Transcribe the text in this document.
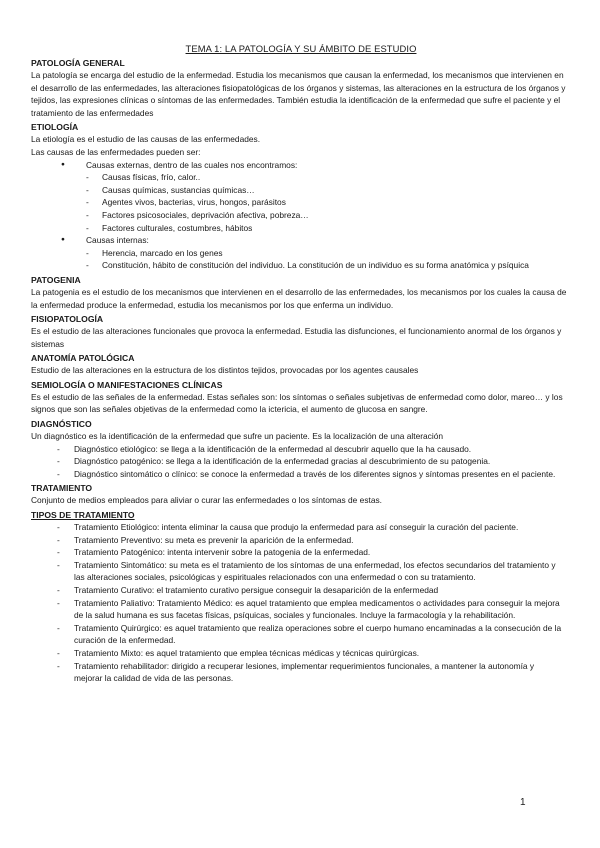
TEMA 1: LA PATOLOGÍA Y SU ÁMBITO DE ESTUDIO
PATOLOGÍA GENERAL

La patología se encarga del estudio de la enfermedad. Estudia los mecanismos que causan la enfermedad, los mecanismos que intervienen en el desarrollo de las enfermedades, las alteraciones fisiopatológicas de los órganos y sistemas, las alteraciones en la estructura de los órganos y tejidos, las expresiones clínicas o síntomas de las enfermedades. También estudia la identificación de la enfermedad que sufre el paciente y el tratamiento de las enfermedades

ETIOLOGÍA

La etiología es el estudio de las causas de las enfermedades.

Las causas de las enfermedades pueden ser:

● Causas externas, dentro de las cuales nos encontramos:
- Causas físicas, frío, calor..
- Causas químicas, sustancias químicas…
- Agentes vivos, bacterias, virus, hongos, parásitos
- Factores psicosociales, deprivación afectiva, pobreza…
- Factores culturales, costumbres, hábitos
● Causas internas:
- Herencia, marcado en los genes
- Constitución, hábito de constitución del individuo. La constitución de un individuo es su forma anatómica y psíquica
PATOGENIA

La patogenia es el estudio de los mecanismos que intervienen en el desarrollo de las enfermedades, los mecanismos por los cuales la causa de la enfermedad produce la enfermedad, estudia los mecanismos por los que enferma un individuo.

FISIOPATOLOGÍA

Es el estudio de las alteraciones funcionales que provoca la enfermedad. Estudia las disfunciones, el funcionamiento anormal de los órganos y sistemas

ANATOMÍA PATOLÓGICA

Estudio de las alteraciones en la estructura de los distintos tejidos, provocadas por los agentes causales

SEMIOLOGÍA O MANIFESTACIONES CLÍNICAS

Es el estudio de las señales de la enfermedad. Estas señales son: los síntomas o señales subjetivas de enfermedad como dolor, mareo… y los signos que son las señales objetivas de la enfermedad como la ictericia, el aumento de glucosa en sangre.

DIAGNÓSTICO

Un diagnóstico es la identificación de la enfermedad que sufre un paciente. Es la localización de una alteración

- Diagnóstico etiológico: se llega a la identificación de la enfermedad al descubrir aquello que la ha causado.
- Diagnóstico patogénico: se llega a la identificación de la enfermedad gracias al descubrimiento de su patogenia.
- Diagnóstico sintomático o clínico: se conoce la enfermedad a través de los diferentes signos y síntomas presentes en el paciente.
TRATAMIENTO

Conjunto de medios empleados para aliviar o curar las enfermedades o los síntomas de estas.

TIPOS DE TRATAMIENTO
- Tratamiento Etiológico: intenta eliminar la causa que produjo la enfermedad para así conseguir la curación del paciente.
- Tratamiento Preventivo: su meta es prevenir la aparición de la enfermedad.
- Tratamiento Patogénico: intenta intervenir sobre la patogenia de la enfermedad.
- Tratamiento Sintomático: su meta es el tratamiento de los síntomas de una enfermedad, los efectos secundarios del tratamiento y las alteraciones sociales, psicológicas y espirituales relacionados con una enfermedad o con su tratamiento.
- Tratamiento Curativo: el tratamiento curativo persigue conseguir la desaparición de la enfermedad
- Tratamiento Paliativo: Tratamiento Médico: es aquel tratamiento que emplea medicamentos o actividades para conseguir la mejora de la salud humana es sus facetas físicas, psíquicas, sociales y funcionales. Incluye la farmacología y la rehabilitación.
- Tratamiento Quirúrgico: es aquel tratamiento que realiza operaciones sobre el cuerpo humano encaminadas a la consecución de la curación de la enfermedad.
- Tratamiento Mixto: es aquel tratamiento que emplea técnicas médicas y técnicas quirúrgicas.
- Tratamiento rehabilitador: dirigido a recuperar lesiones, implementar requerimientos funcionales, a mantener la autonomía y mejorar la calidad de vida de las personas.
1
